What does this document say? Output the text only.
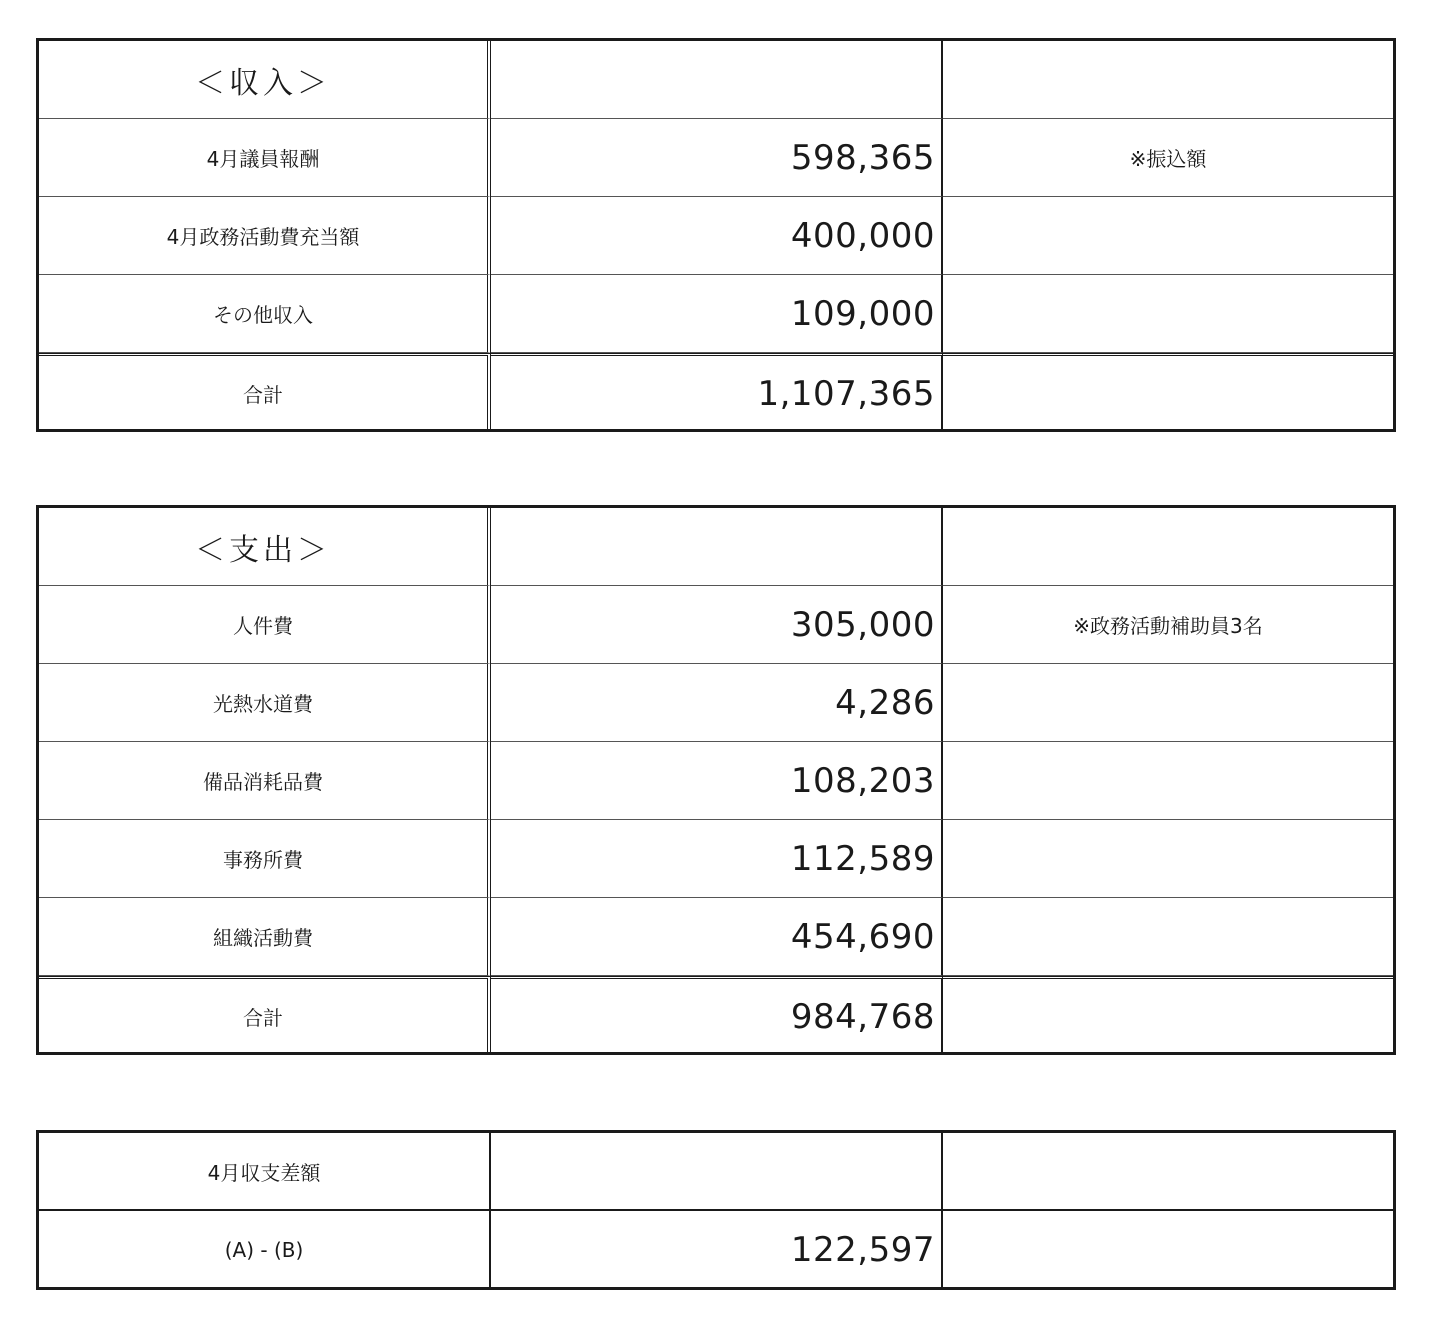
＜収入＞
4月議員報酬	598,365	※振込額
4月政務活動費充当額	400,000
その他収入	109,000
合計	1,107,365
＜支出＞
人件費	305,000	※政務活動補助員3名
光熱水道費	4,286
備品消耗品費	108,203
事務所費	112,589
組織活動費	454,690
合計	984,768
4月収支差額
(A) - (B)	122,597
